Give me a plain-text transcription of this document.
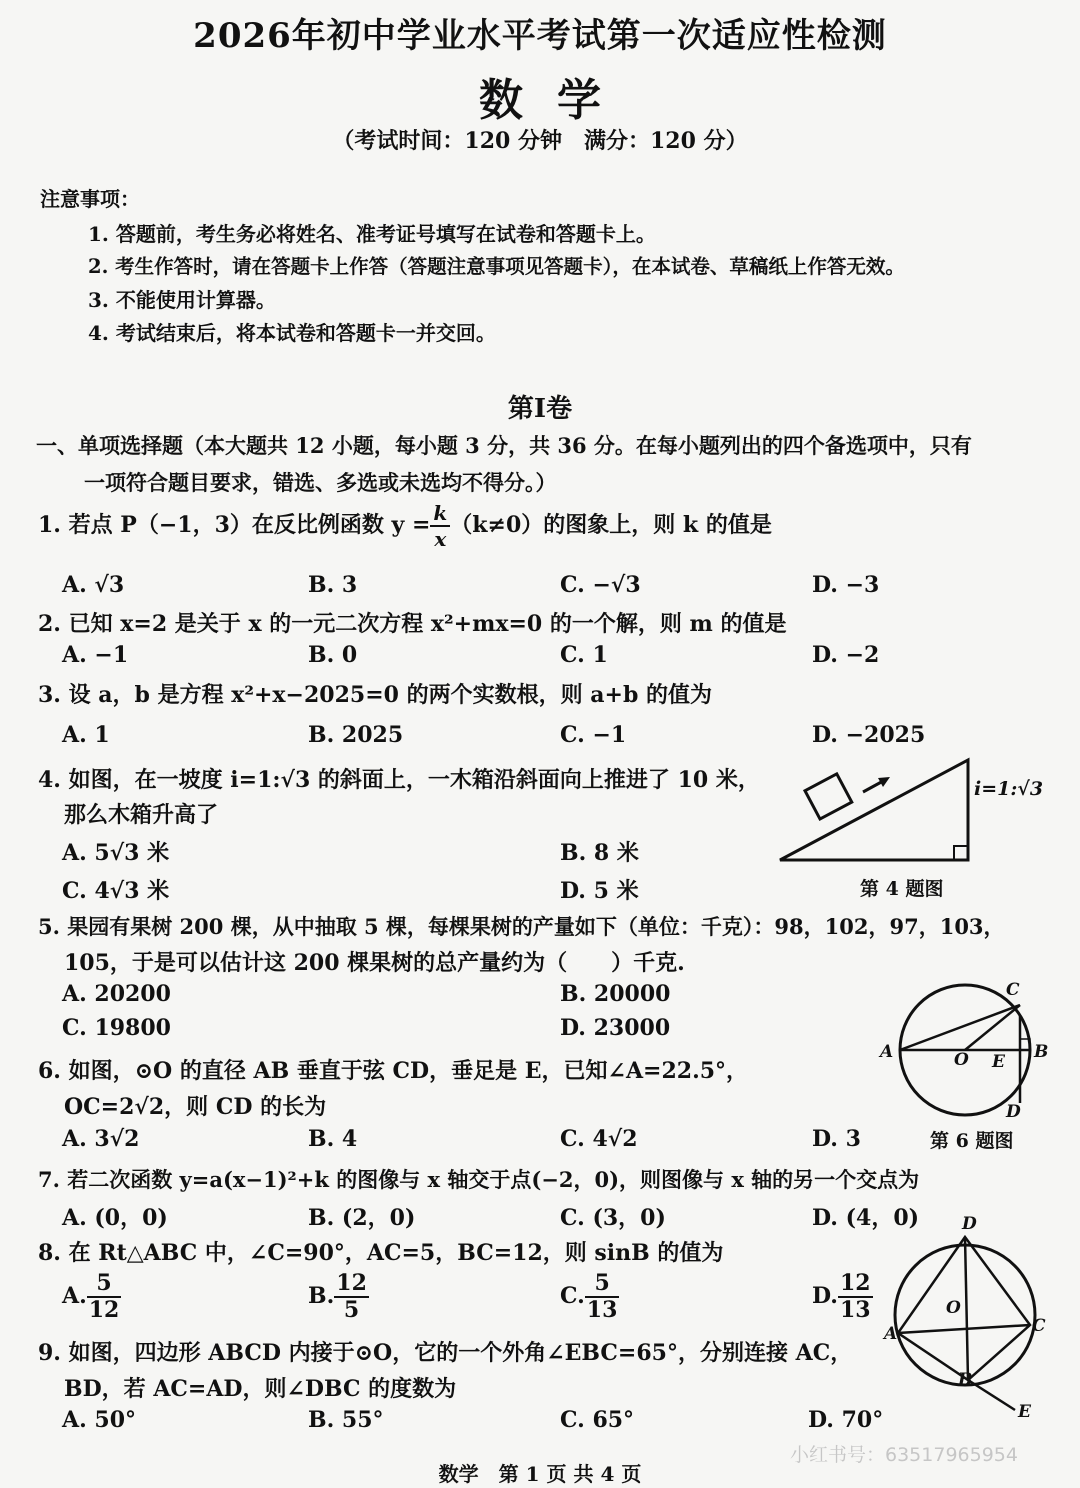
2026年初中学业水平考试第一次适应性检测
数学
（考试时间：120 分钟　满分：120 分）
注意事项：
1. 答题前，考生务必将姓名、准考证号填写在试卷和答题卡上。
2. 考生作答时，请在答题卡上作答（答题注意事项见答题卡），在本试卷、草稿纸上作答无效。
3. 不能使用计算器。
4. 考试结束后，将本试卷和答题卡一并交回。
第Ⅰ卷
一、单项选择题（本大题共 12 小题，每小题 3 分，共 36 分。在每小题列出的四个备选项中，只有
一项符合题目要求，错选、多选或未选均不得分。）
1. 若点 P（−1，3）在反比例函数 $y = \frac{k}{x} (k\ne 0)$的图象上，则 k 的值是
A. √3	B. 3	C. −√3	D. −3
2. 已知 x=2 是关于 x 的一元二次方程 x²+mx=0 的一个解，则 m 的值是
A. −1	B. 0	C. 1	D. −2
3. 设 a，b 是方程 x²+x−2025=0 的两个实数根，则 a+b 的值为
A. 1	B. 2025	C. −1	D. −2025
4. 如图，在一坡度 i=1:√3 的斜面上，一木箱沿斜面向上推进了 10 米，
那么木箱升高了
A. 5√3 米	B. 8 米
C. 4√3 米	D. 5 米
i=1:√3
第 4 题图
5. 果园有果树 200 棵，从中抽取 5 棵，每棵果树的产量如下（单位：千克）：98，102，97，103，
105，于是可以估计这 200 棵果树的总产量约为（　　）千克.
A. 20200	B. 20000
C. 19800	D. 23000
A	O E B
C
D
6. 如图，⊙O 的直径 AB 垂直于弦 CD，垂足是 E，已知∠A=22.5°，
OC=2√2，则 CD 的长为
A. 3√2	B. 4	C. 4√2	D. 3	第 6 题图
7. 若二次函数 y=a(x−1)²+k 的图像与 x 轴交于点(−2，0)，则图像与 x 轴的另一个交点为
A. (0，0)	B. (2，0)	C. (3，0)	D. (4，0)
8. 在 Rt△ABC 中，∠C=90°，AC=5，BC=12，则 sinB 的值为
A. $\frac{5}{12}$	B. $\frac{12}{5}$	C. $\frac{5}{13}$	D. $\frac{12}{13}$
D
O
A	C
B
E
9. 如图，四边形 ABCD 内接于⊙O，它的一个外角∠EBC=65°，分别连接 AC，
BD，若 AC=AD，则∠DBC 的度数为
A. 50°	B. 55°	C. 65°	D. 70°
小红书号：63517965954
数学　第 1 页 共 4 页
